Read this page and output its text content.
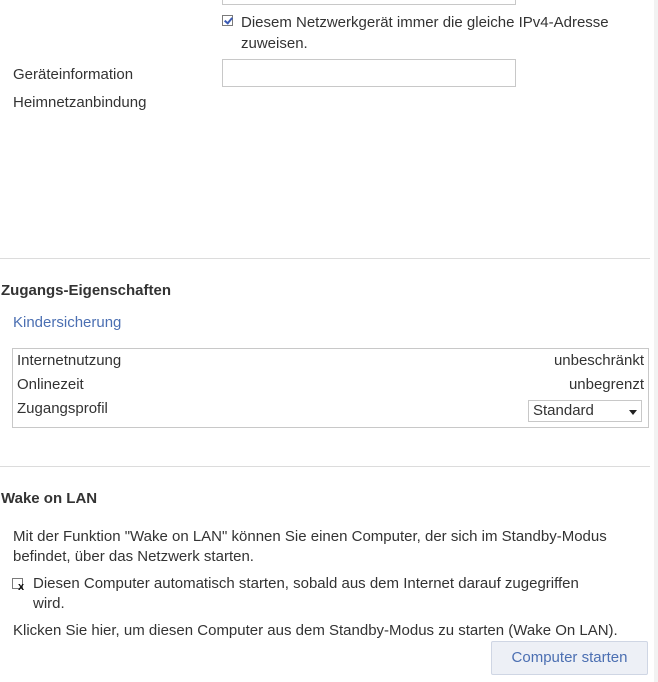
Diesem Netzwerkgerät immer die gleiche IPv4-Adresse zuweisen.
Geräteinformation
Heimnetzanbindung
Zugangs-Eigenschaften
Kindersicherung
Internetnutzung	unbeschränkt
Onlinezeit	unbegrenzt
Zugangsprofil	Standard
Wake on LAN
Mit der Funktion "Wake on LAN" können Sie einen Computer, der sich im Standby-Modus befindet, über das Netzwerk starten.
x Diesen Computer automatisch starten, sobald aus dem Internet darauf zugegriffen wird.
Klicken Sie hier, um diesen Computer aus dem Standby-Modus zu starten (Wake On LAN).
Computer starten
